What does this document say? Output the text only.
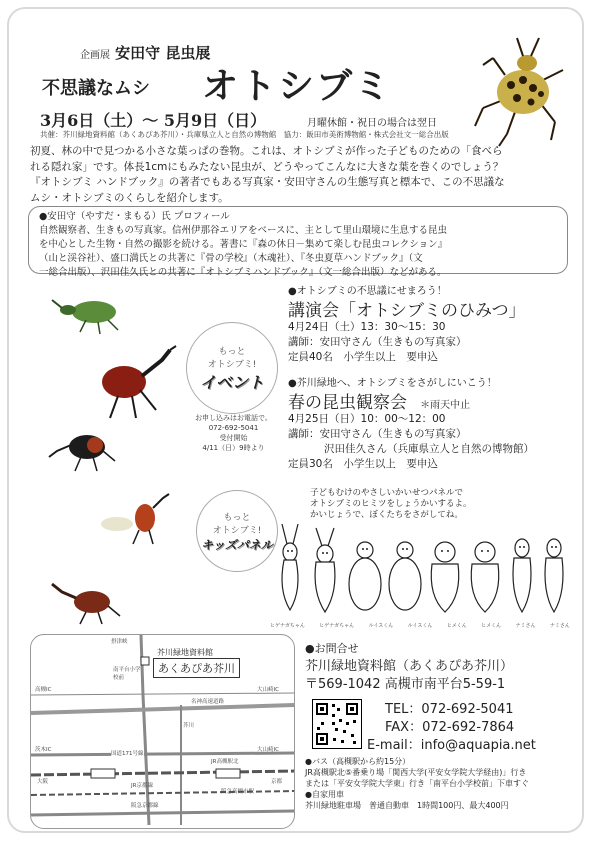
企画展 安田守 昆虫展
不思議なムシ オトシブミ
3月6日（土）～ 5月9日（日）	月曜休館・祝日の場合は翌日
共催：芥川緑地資料館（あくあぴあ芥川）・兵庫県立人と自然の博物館　協力：飯田市美術博物館・株式会社文一総合出版
初夏、林の中で見つかる小さな葉っぱの巻物。これは、オトシブミが作った子どものための「食べら
れる隠れ家」です。体長1cmにもみたない昆虫が、どうやってこんなに大きな葉を巻くのでしょう？
『オトシブミ ハンドブック』の著者でもある写真家・安田守さんの生態写真と標本で、この不思議な
ムシ・オトシブミのくらしを紹介します。
●安田守（やすだ・まもる）氏 プロフィール
自然観察者、生きもの写真家。信州伊那谷エリアをベースに、主として里山環境に生息する昆虫
を中心とした生物・自然の撮影を続ける。著書に『森の休日－集めて楽しむ昆虫コレクション』
（山と渓谷社）、盛口満氏との共著に『骨の学校』（木魂社）、『冬虫夏草ハンドブック』（文
一総合出版）、沢田佳久氏との共著に『オトシブミハンドブック』（文一総合出版）などがある。
もっと
オトシブミ!
イベント
お申し込みはお電話で。
072-692-5041
受付開始
4/11（日）9時より
●オトシブミの不思議にせまろう！
講演会「オトシブミのひみつ」
4月24日（土）13：30～15：30
講師：安田守さん（生きもの写真家）
定員40名　小学生以上　要申込
●芥川緑地へ、オトシブミをさがしにいこう！
春の昆虫観察会 ＊雨天中止
4月25日（日）10：00～12：00
講師：安田守さん（生きもの写真家）
沢田佳久さん（兵庫県立人と自然の博物館）
定員30名　小学生以上　要申込
もっと
オトシブミ!
キッズパネル
子どもむけのやさしいかいせつパネルで
オトシブミのヒミツをしょうかいするよ。
かいじょうで、ぼくたちをさがしてね。
ヒゲナガちゃん	ヒゲナガちゃん	ルイスくん	ルイスくん	ヒメくん	ヒメくん	ナミさん	ナミさん
摂津峡
芥川緑地資料館
あくあぴあ芥川
南平台小学校前
高槻IC	大山崎IC
名神高速道路
国道171号線
JR高槻駅北
JR京都線
阪急京都線
阪急高槻市駅
大阪	京都
芥川
茨木IC	大山崎IC
●お問合せ
芥川緑地資料館（あくあぴあ芥川）
〒569-1042 高槻市南平台5-59-1
TEL：072-692-5041
FAX：072-692-7864
E-mail：info@aquapia.net
●バス（高槻駅から約15分）
JR高槻駅北⑤番乗り場「関西大学(平安女学院大学経由)」行き
または「平安女学院大学東」行き「南平台小学校前」下車すぐ
●自家用車
芥川緑地駐車場　普通自動車　1時間100円、最大400円
